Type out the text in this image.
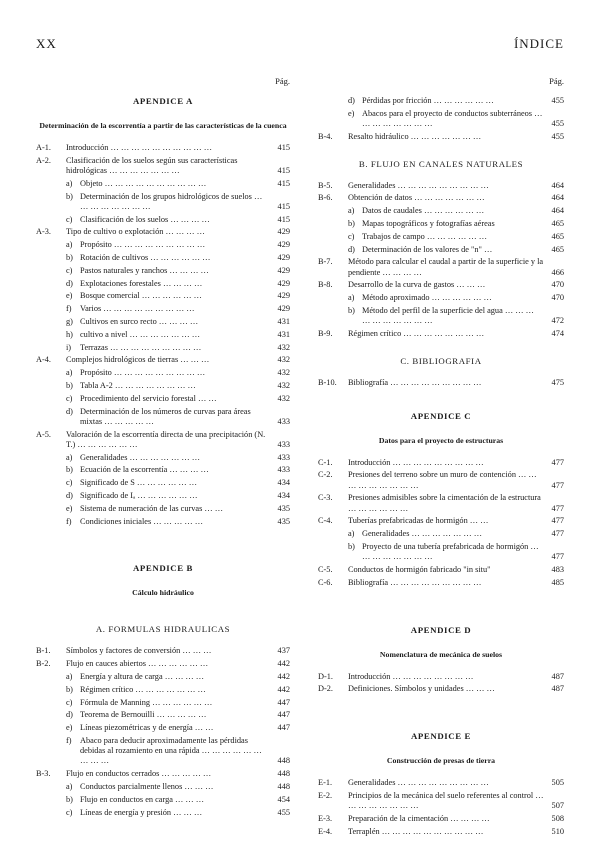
XX	ÍNDICE
Pág.
APENDICE A
Determinación de la escorrentía a partir de las características de la cuenca
A-1.	Introducción … … … … … … … … … …	415
A-2.	Clasificación de los suelos según sus características hidrológicas … … … … … … …	415
a) Objeto … … … … … … … … … …	415
b) Determinación de los grupos hidrológicos de suelos … … … … … … … …	415
c) Clasificación de los suelos … … … …	415
A-3.	Tipo de cultivo o explotación … … … …	429
a) Propósito … … … … … … … … …	429
b) Rotación de cultivos … … … … … …	429
c) Pastos naturales y ranchos … … … …	429
d) Explotaciones forestales … … … …	429
e) Bosque comercial … … … … … …	429
f)	Varios … … … … … … … … …	429
g) Cultivos en surco recto … … … …	431
h) cultivo a nivel … … … … … … …	431
i)	Terrazas … … … … … … … … …	432
A-4.	Complejos hidrológicos de tierras … … …	432
a) Propósito … … … … … … … … …	432
b) Tabla A-2 … … … … … … … …	432
c) Procedimiento del servicio forestal … …	432
d) Determinación de los números de curvas para áreas mixtas … … … … …	433
A-5.	Valoración de la escorrentía directa de una precipitación (N. T.) … … … … … …	433
a) Generalidades … … … … … … …	433
b) Ecuación de la escorrentía … … … …	433
c) Significado de S … … … … … …	434
d) Significado de Iₐ … … … … … …	434
e) Sistema de numeración de las curvas … …	435
f)	Condiciones iniciales … … … … …	435
APENDICE B
Cálculo hidráulico
A. FORMULAS HIDRAULICAS
B-1.	Símbolos y factores de conversión … … …	437
B-2.	Flujo en cauces abiertos … … … … … …	442
a) Energía y altura de carga … … … …	442
b) Régimen crítico … … … … … … …	442
c) Fórmula de Manning … … … … … …	447
d) Teorema de Bernouilli … … … … …	447
e) Líneas piezométricas y de energía … …	447
f)	Abaco para deducir aproximadamente las pérdidas debidas al rozamiento en una rápida … … … … … … … … …	448
B-3.	Flujo en conductos cerrados … … … … …	448
a) Conductos parcialmente llenos … … …	448
b) Flujo en conductos en carga … … …	454
c) Líneas de energía y presión … … …	455
Pág.
d) Pérdidas por fricción … … … … … …	455
e) Abacos para el proyecto de conductos subterráneos … … … … … … … …	455
B-4.	Resalto hidráulico … … … … … … …	455
B. FLUJO EN CANALES NATURALES
B-5.	Generalidades … … … … … … … … …	464
B-6.	Obtención de datos … … … … … … …	464
a) Datos de caudales … … … … … …	464
b) Mapas topográficos y fotografías aéreas	465
c) Trabajos de campo … … … … … …	465
d) Determinación de los valores de "n" …	465
B-7.	Método para calcular el caudal a partir de la superficie y la pendiente … … … …	466
B-8.	Desarrollo de la curva de gastos … … …	470
a) Método aproximado … … … … … …	470
b) Método del perfil de la superficie del agua … … … … … … … … … …	472
B-9.	Régimen crítico … … … … … … … …	474
C. BIBLIOGRAFIA
B-10.	Bibliografía … … … … … … … … …	475
APENDICE C
Datos para el proyecto de estructuras
C-1.	Introducción … … … … … … … … …	477
C-2.	Presiones del terreno sobre un muro de contención … … … … … … … … …	477
C-3.	Presiones admisibles sobre la cimentación de la estructura … … … … … …	477
C-4.	Tuberías prefabricadas de hormigón … …	477
a) Generalidades … … … … … … …	477
b) Proyecto de una tubería prefabricada de hormigón … … … … … … … …	477
C-5.	Conductos de hormigón fabricado "in situ"	483
C-6.	Bibliografía … … … … … … … … …	485
APENDICE D
Nomenclatura de mecánica de suelos
D-1.	Introducción … … … … … … … …	487
D-2.	Definiciones. Símbolos y unidades … … …	487
APENDICE E
Construcción de presas de tierra
E-1.	Generalidades … … … … … … … … …	505
E-2.	Principios de la mecánica del suelo referentes al control … … … … … … … …	507
E-3.	Preparación de la cimentación … … … …	508
E-4.	Terraplén … … … … … … … … … …	510
